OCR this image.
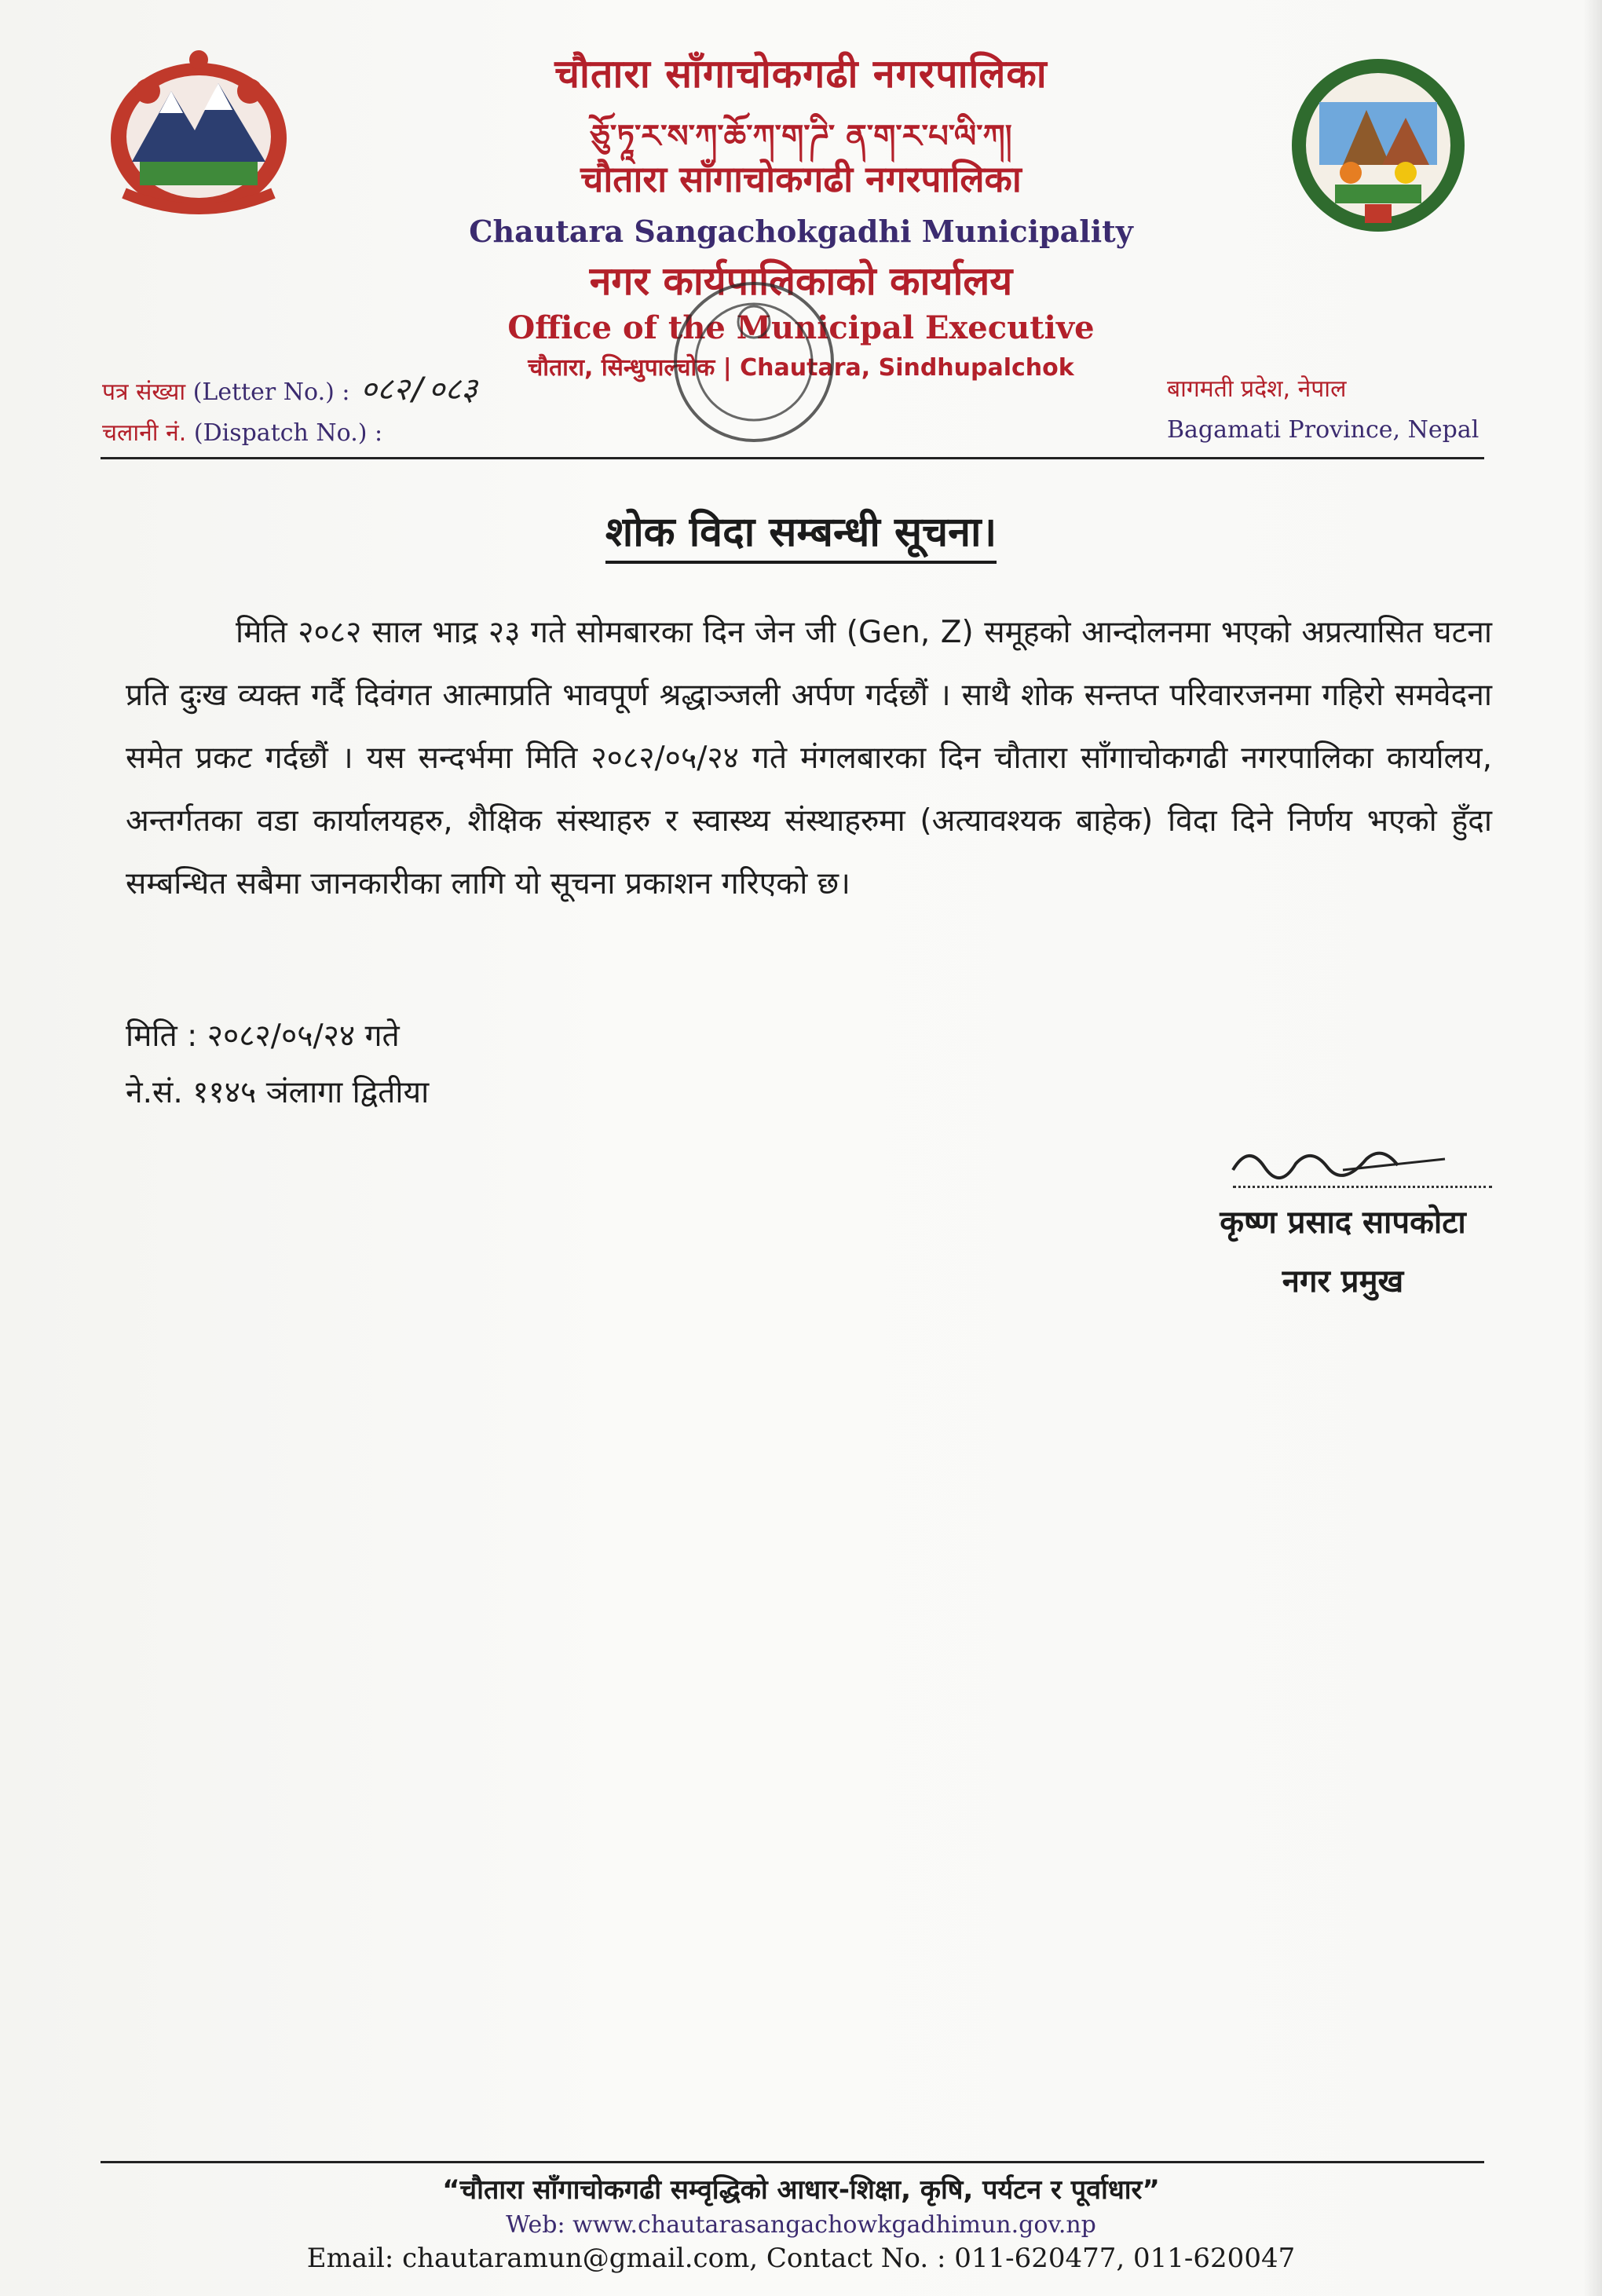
चौतारा साँगाचोकगढी नगरपालिका
ཅོུ་ཏཱ་ར་ས་ཀ་ཆོ་ཀ་ག་ཌི་ ན་ག་ར་པ་ལི་ཀ།
चौतारा साँगाचोकगढी नगरपालिका
Chautara Sangachokgadhi Municipality
नगर कार्यपालिकाको कार्यालय
Office of the Municipal Executive
चौतारा, सिन्धुपाल्चोक | Chautara, Sindhupalchok
पत्र संख्या (Letter No.) : ०८२/०८३
चलानी नं. (Dispatch No.) :
बागमती प्रदेश, नेपाल
Bagamati Province, Nepal
शोक विदा सम्बन्धी सूचना।
मिति २०८२ साल भाद्र २३ गते सोमबारका दिन जेन जी (Gen, Z) समूहको आन्दोलनमा भएको अप्रत्यासित घटना प्रति दुःख व्यक्त गर्दै दिवंगत आत्माप्रति भावपूर्ण श्रद्धाञ्जली अर्पण गर्दछौं । साथै शोक सन्तप्त परिवारजनमा गहिरो समवेदना समेत प्रकट गर्दछौं । यस सन्दर्भमा मिति २०८२/०५/२४ गते मंगलबारका दिन चौतारा साँगाचोकगढी नगरपालिका कार्यालय, अन्तर्गतका वडा कार्यालयहरु, शैक्षिक संस्थाहरु र स्वास्थ्य संस्थाहरुमा (अत्यावश्यक बाहेक) विदा दिने निर्णय भएको हुँदा सम्बन्धित सबैमा जानकारीका लागि यो सूचना प्रकाशन गरिएको छ।
मिति : २०८२/०५/२४ गते
ने.सं. ११४५ ञंलागा द्वितीया
कृष्ण प्रसाद सापकोटा
नगर प्रमुख
“चौतारा साँगाचोकगढी सम्वृद्धिको आधार-शिक्षा, कृषि, पर्यटन र पूर्वाधार”
Web: www.chautarasangachowkgadhimun.gov.np
Email: chautaramun@gmail.com, Contact No. : 011-620477, 011-620047
